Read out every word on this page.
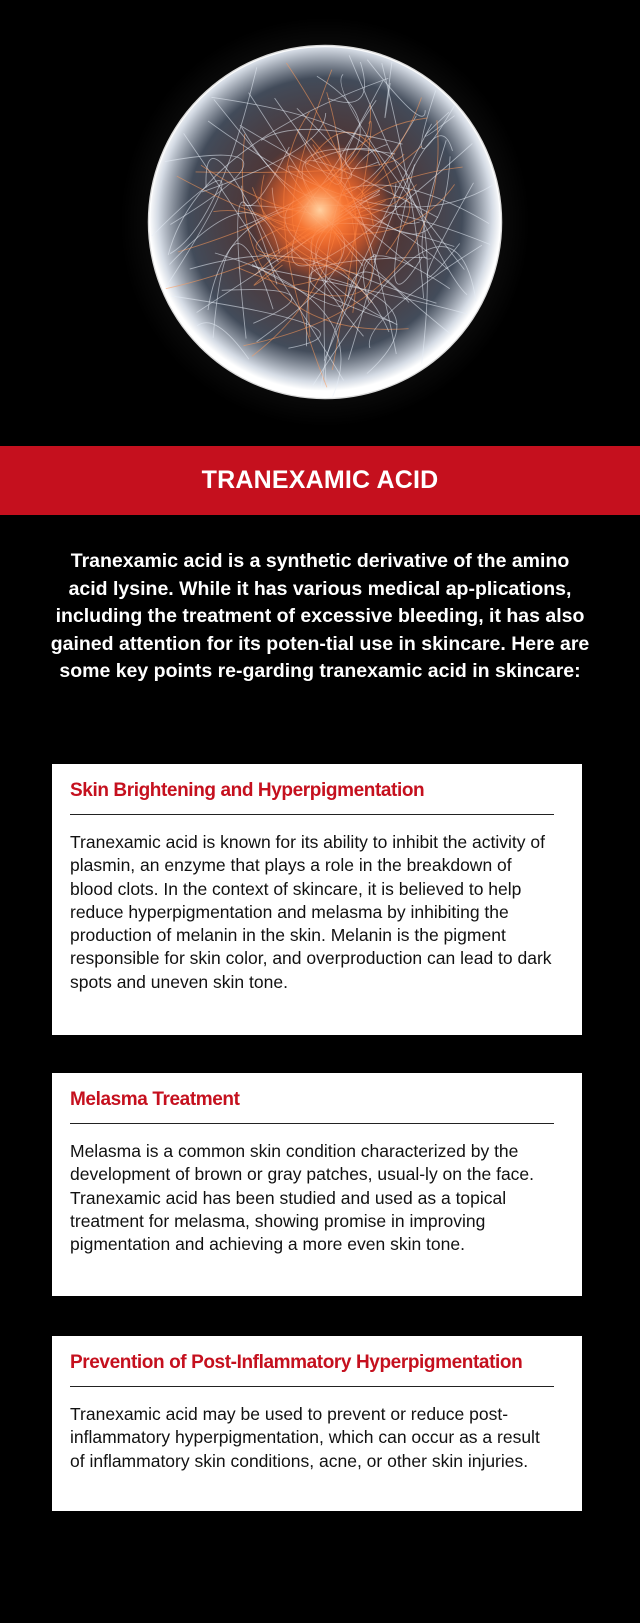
TRANEXAMIC ACID

Tranexamic acid is a synthetic derivative of the amino acid lysine. While it has various medical ap-plications, including the treatment of excessive bleeding, it has also gained attention for its poten-tial use in skincare. Here are some key points re-garding tranexamic acid in skincare:

Skin Brightening and Hyperpigmentation

Tranexamic acid is known for its ability to inhibit the activity of plasmin, an enzyme that plays a role in the breakdown of blood clots. In the context of skincare, it is believed to help reduce hyperpigmentation and melasma by inhibiting the production of melanin in the skin. Melanin is the pigment responsible for skin color, and overproduction can lead to dark spots and uneven skin tone.

Melasma Treatment

Melasma is a common skin condition characterized by the development of brown or gray patches, usual-ly on the face. Tranexamic acid has been studied and used as a topical treatment for melasma, showing promise in improving pigmentation and achieving a more even skin tone.

Prevention of Post-Inflammatory Hyperpigmentation

Tranexamic acid may be used to prevent or reduce post-inflammatory hyperpigmentation, which can occur as a result of inflammatory skin conditions, acne, or other skin injuries.
